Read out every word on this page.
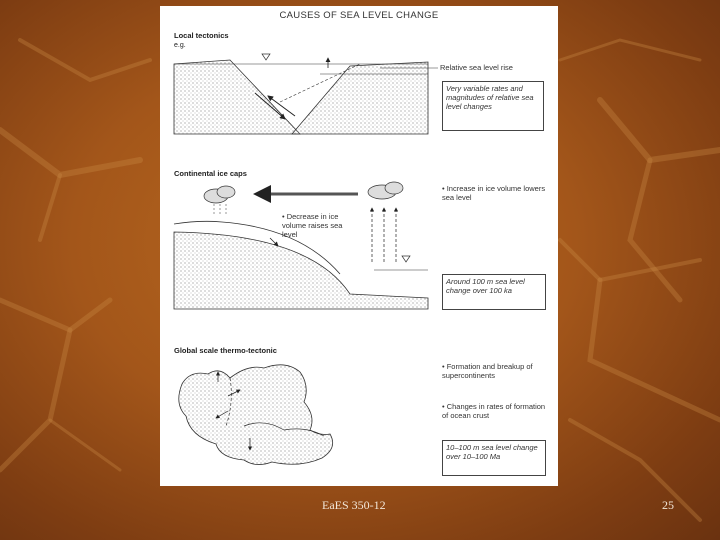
CAUSES OF SEA LEVEL CHANGE
Local tectonics
e.g.
Relative sea level rise
Very variable rates and magnitudes of relative sea level changes
Continental ice caps
• Decrease in ice volume raises sea level
• Increase in ice volume lowers sea level
Around 100 m sea level change over 100 ka
Global scale thermo-tectonic
• Formation and breakup of supercontinents
• Changes in rates of formation of ocean crust
10–100 m sea level change over 10–100 Ma
EaES 350-12	25
